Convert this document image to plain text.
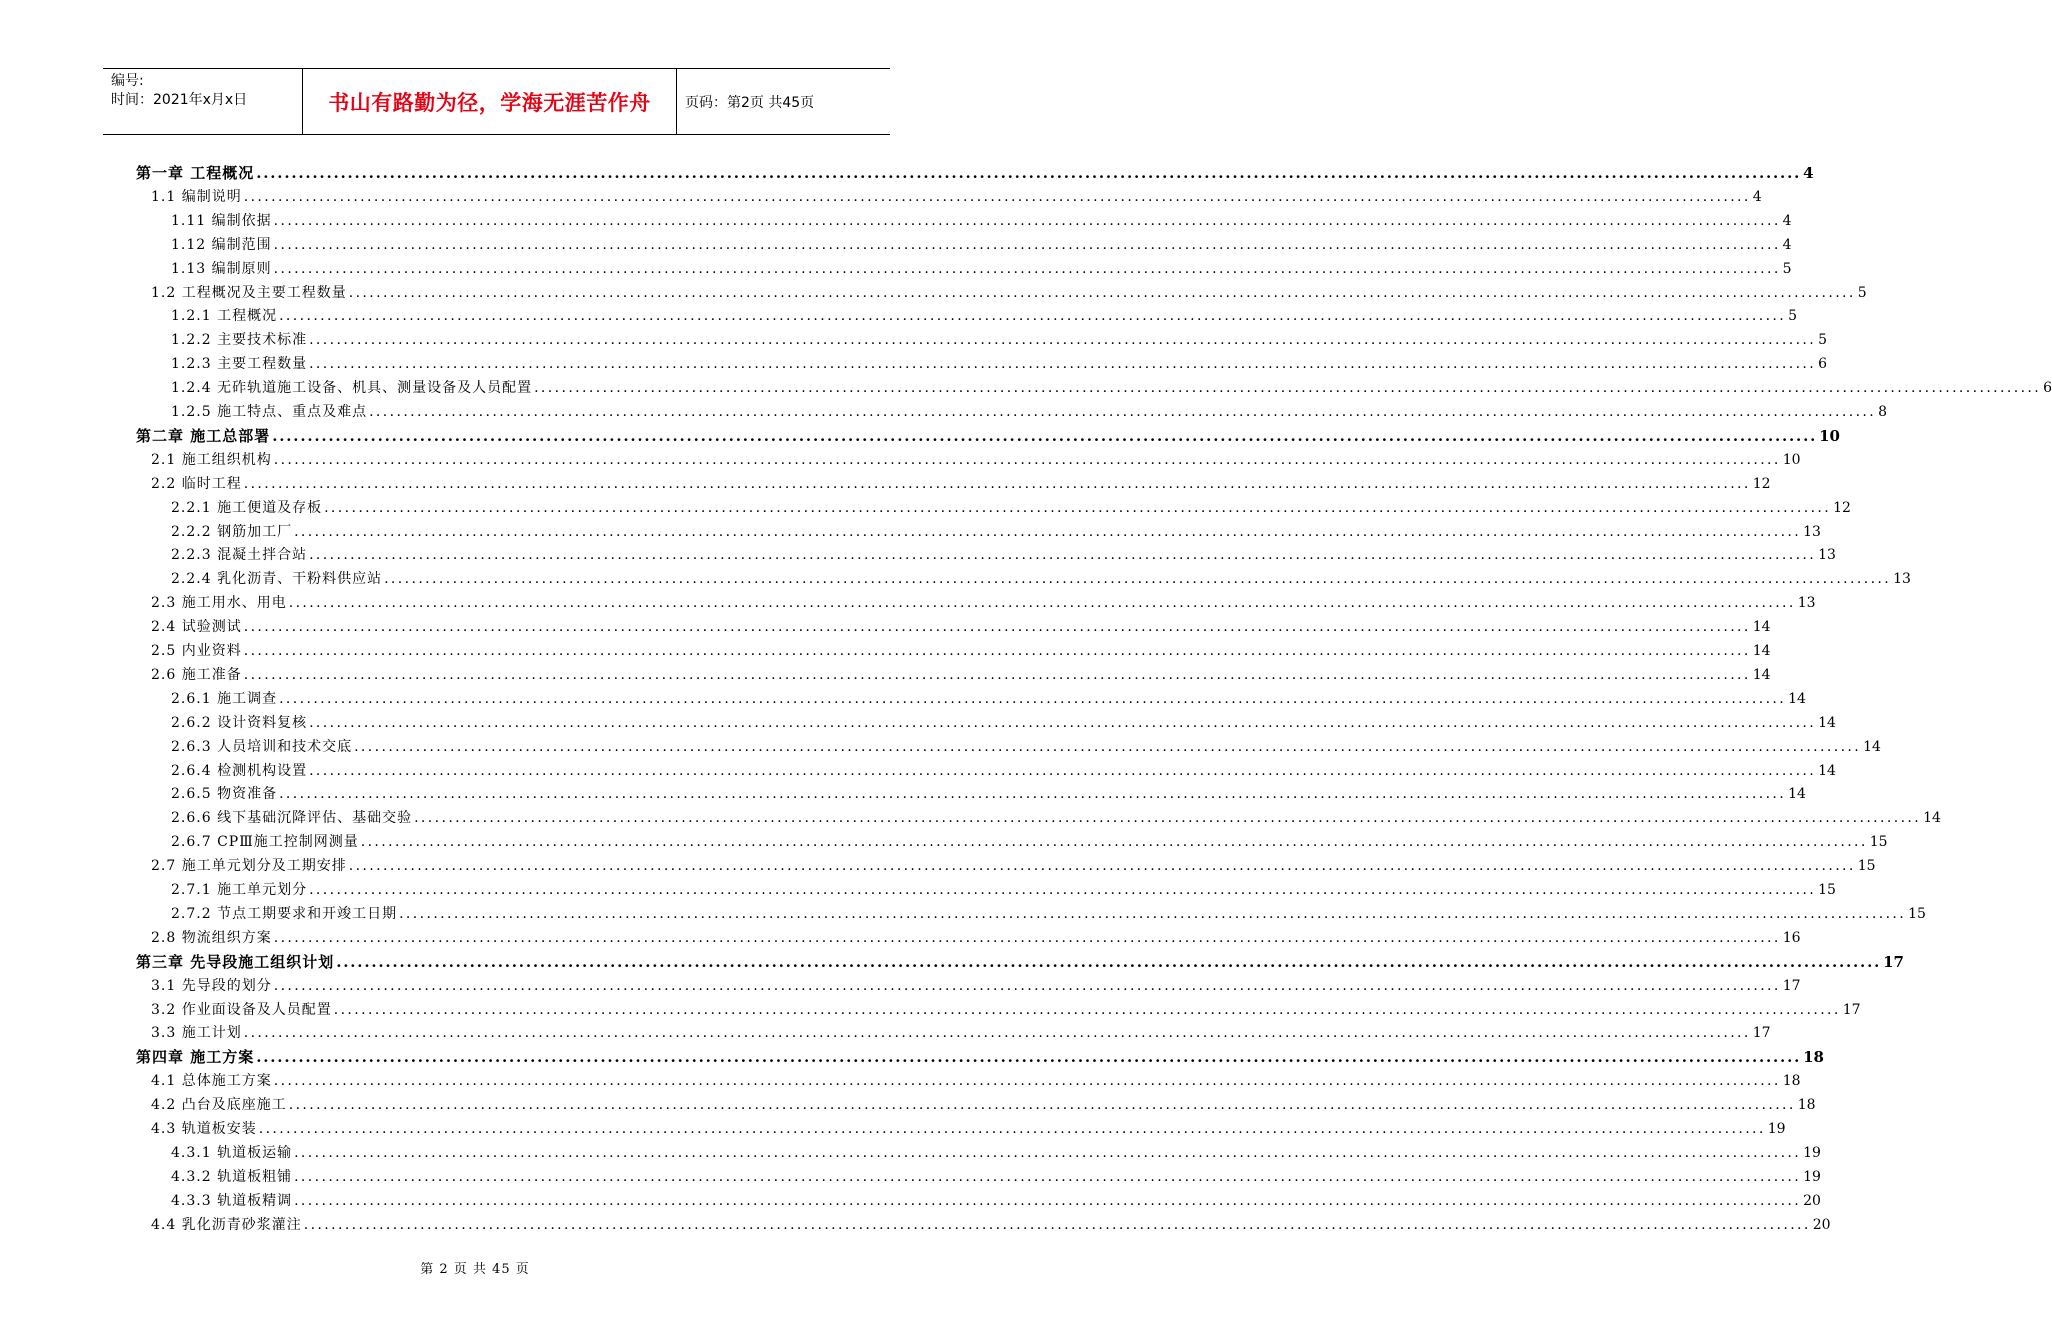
编号:
时间：2021年x月x日	书山有路勤为径，学海无涯苦作舟	页码：第2页 共45页
第一章 工程概况 ............................................................................................................................................................................................................................ 4
1.1 编制说明 ............................................................................................................................................................................................................................ 4
1.11 编制依据 ............................................................................................................................................................................................................................ 4
1.12 编制范围 ............................................................................................................................................................................................................................ 4
1.13 编制原则 ............................................................................................................................................................................................................................ 5
1.2 工程概况及主要工程数量 ............................................................................................................................................................................................................................ 5
1.2.1 工程概况 ............................................................................................................................................................................................................................ 5
1.2.2 主要技术标准 ............................................................................................................................................................................................................................ 5
1.2.3 主要工程数量 ............................................................................................................................................................................................................................ 6
1.2.4 无砟轨道施工设备、机具、测量设备及人员配置 ............................................................................................................................................................................................................................ 6
1.2.5 施工特点、重点及难点 ............................................................................................................................................................................................................................ 8
第二章 施工总部署 ............................................................................................................................................................................................................................ 10
2.1 施工组织机构 ............................................................................................................................................................................................................................ 10
2.2 临时工程 ............................................................................................................................................................................................................................ 12
2.2.1 施工便道及存板 ............................................................................................................................................................................................................................ 12
2.2.2 钢筋加工厂 ............................................................................................................................................................................................................................ 13
2.2.3 混凝土拌合站 ............................................................................................................................................................................................................................ 13
2.2.4 乳化沥青、干粉料供应站 ............................................................................................................................................................................................................................ 13
2.3 施工用水、用电 ............................................................................................................................................................................................................................ 13
2.4 试验测试 ............................................................................................................................................................................................................................ 14
2.5 内业资料 ............................................................................................................................................................................................................................ 14
2.6 施工准备 ............................................................................................................................................................................................................................ 14
2.6.1 施工调查 ............................................................................................................................................................................................................................ 14
2.6.2 设计资料复核 ............................................................................................................................................................................................................................ 14
2.6.3 人员培训和技术交底 ............................................................................................................................................................................................................................ 14
2.6.4 检测机构设置 ............................................................................................................................................................................................................................ 14
2.6.5 物资准备 ............................................................................................................................................................................................................................ 14
2.6.6 线下基础沉降评估、基础交验 ............................................................................................................................................................................................................................ 14
2.6.7 CPⅢ施工控制网测量 ............................................................................................................................................................................................................................ 15
2.7 施工单元划分及工期安排 ............................................................................................................................................................................................................................ 15
2.7.1 施工单元划分 ............................................................................................................................................................................................................................ 15
2.7.2 节点工期要求和开竣工日期 ............................................................................................................................................................................................................................ 15
2.8 物流组织方案 ............................................................................................................................................................................................................................ 16
第三章 先导段施工组织计划 ............................................................................................................................................................................................................................ 17
3.1 先导段的划分 ............................................................................................................................................................................................................................ 17
3.2 作业面设备及人员配置 ............................................................................................................................................................................................................................ 17
3.3 施工计划 ............................................................................................................................................................................................................................ 17
第四章 施工方案 ............................................................................................................................................................................................................................ 18
4.1 总体施工方案 ............................................................................................................................................................................................................................ 18
4.2 凸台及底座施工 ............................................................................................................................................................................................................................ 18
4.3 轨道板安装 ............................................................................................................................................................................................................................ 19
4.3.1 轨道板运输 ............................................................................................................................................................................................................................ 19
4.3.2 轨道板粗铺 ............................................................................................................................................................................................................................ 19
4.3.3 轨道板精调 ............................................................................................................................................................................................................................ 20
4.4 乳化沥青砂浆灌注 ............................................................................................................................................................................................................................ 20
第 2 页 共 45 页
